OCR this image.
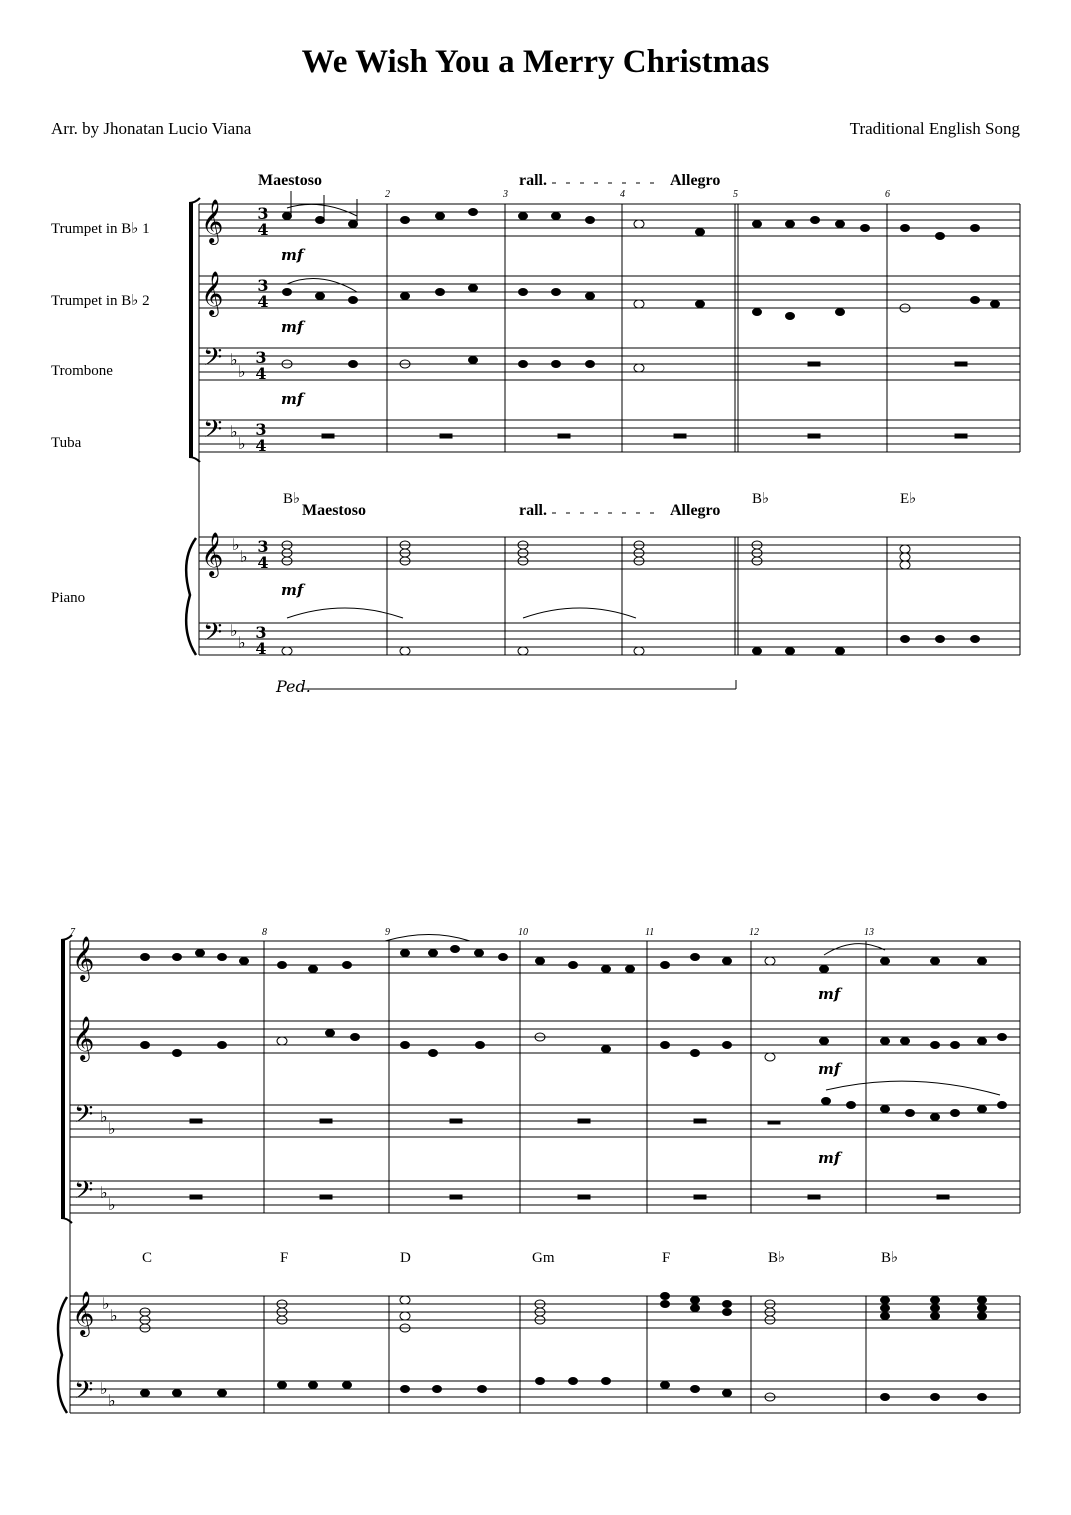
We Wish You a Merry Christmas
Arr. by Jhonatan Lucio Viana	Traditional English Song
Trumpet in B♭ 1
Trumpet in B♭ 2
Trombone
Tuba
Piano
𝄞
𝄞
𝄢
𝄢
𝄞
𝄢
♭
♭
♭
♭
♭
♭
♭
♭
3
4
3
4
3
4
3
4
3
4
3
4
Maestoso	rall.	Allegro
Maestoso	rall.	Allegro
2	3	4	5	6
B♭	B♭	E♭
mf
mf
mf
mf
Ped.
𝄞
𝄞
𝄢
𝄢
𝄞
𝄢
♭
♭
♭
♭
♭
♭
♭
♭
7	8	9	10	11	12	13
C	F	D	Gm	F	B♭	B♭
mf
mf
mf
